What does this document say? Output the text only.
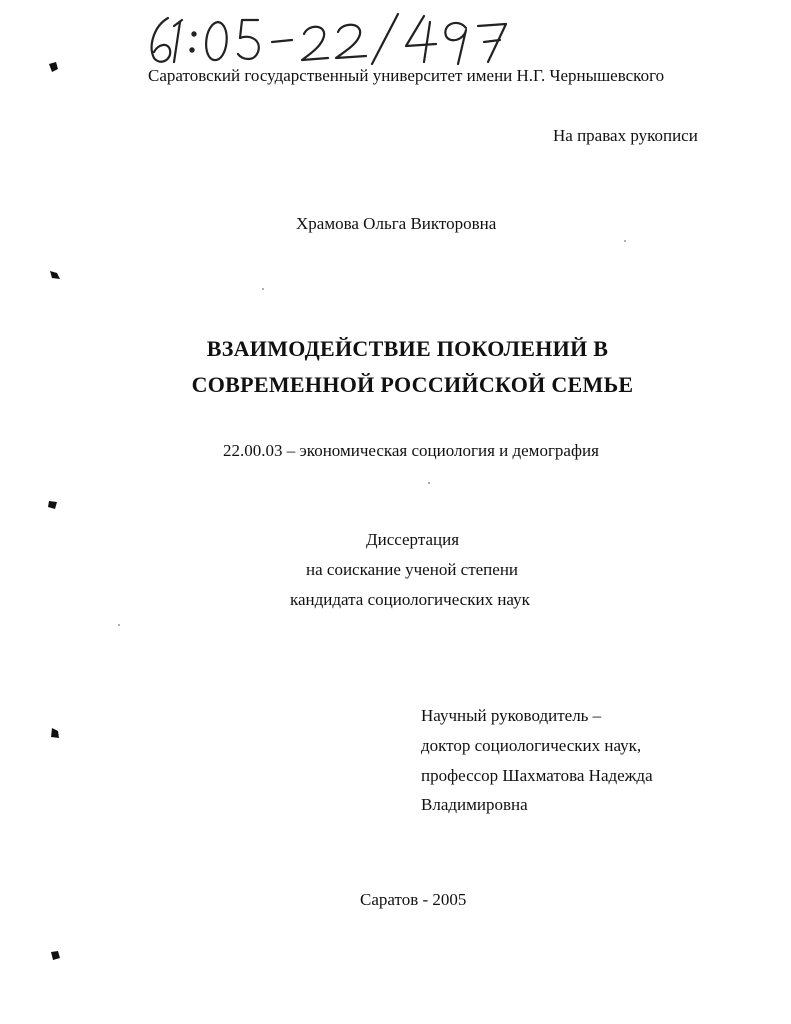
Саратовский государственный университет имени Н.Г. Чернышевского
На правах рукописи
Храмова Ольга Викторовна
ВЗАИМОДЕЙСТВИЕ ПОКОЛЕНИЙ В
СОВРЕМЕННОЙ РОССИЙСКОЙ СЕМЬЕ
22.00.03 – экономическая социология и демография
Диссертация
на соискание ученой степени
кандидата социологических наук
Научный руководитель –
доктор социологических наук,
профессор Шахматова Надежда
Владимировна
Саратов - 2005
